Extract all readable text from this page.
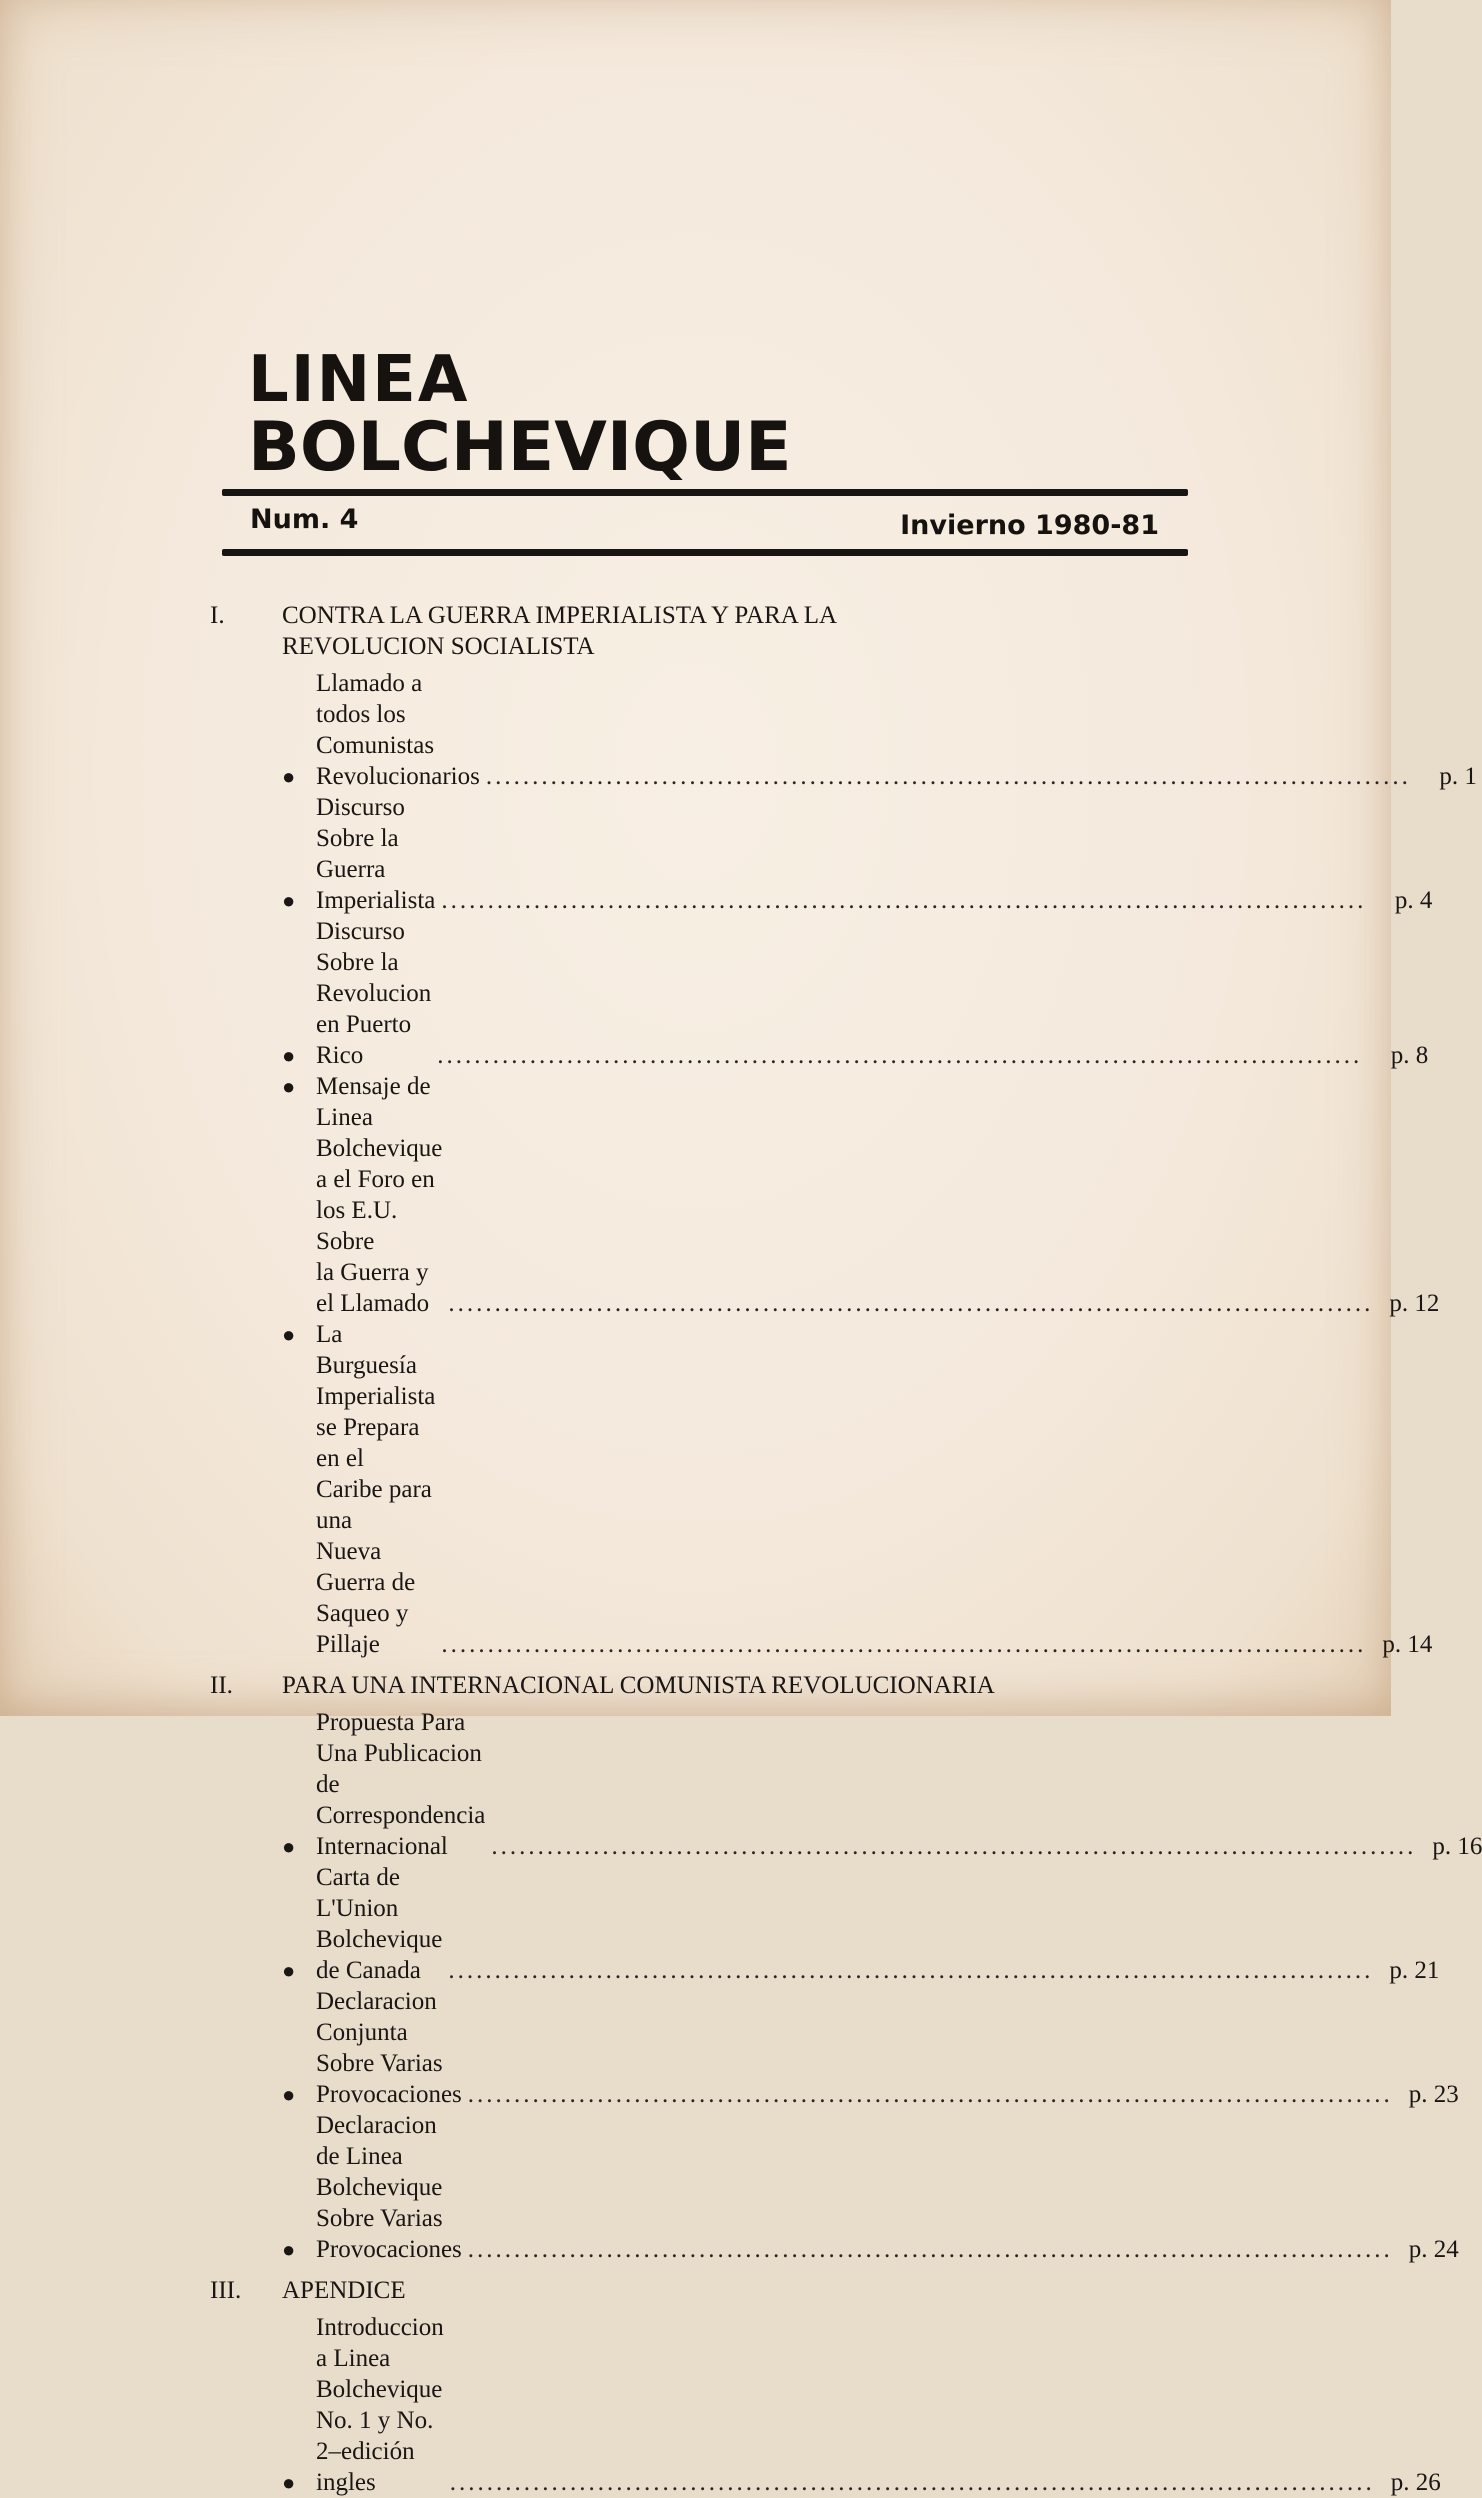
LINEA
BOLCHEVIQUE
Num. 4	Invierno 1980-81
I.	CONTRA LA GUERRA IMPERIALISTA Y PARA LA REVOLUCION SOCIALISTA
●
Llamado a todos los Comunistas Revolucionarios ....................................................................................................	p. 1
●
Discurso Sobre la Guerra Imperialista ....................................................................................................	p. 4
●
Discurso Sobre la Revolucion en Puerto Rico	....................................................................................................	p. 8
● Mensaje de Linea Bolchevique a el Foro en los E.U. Sobre
la Guerra y el Llamado .................................................................................................... p. 12
● La Burguesía Imperialista se Prepara en el Caribe para una
Nueva Guerra de Saqueo y Pillaje	.................................................................................................... p. 14
II.	PARA UNA INTERNACIONAL COMUNISTA REVOLUCIONARIA
●
Propuesta Para Una Publicacion de Correspondencia Internacional	.................................................................................................... p. 16
●
Carta de L'Union Bolchevique de Canada	.................................................................................................... p. 21
●
Declaracion Conjunta Sobre Varias Provocaciones .................................................................................................... p. 23
●
Declaracion de Linea Bolchevique Sobre Varias Provocaciones .................................................................................................... p. 24
III.	APENDICE
●
Introduccion a Linea Bolchevique No. 1 y No. 2–edición ingles	.................................................................................................... p. 26
